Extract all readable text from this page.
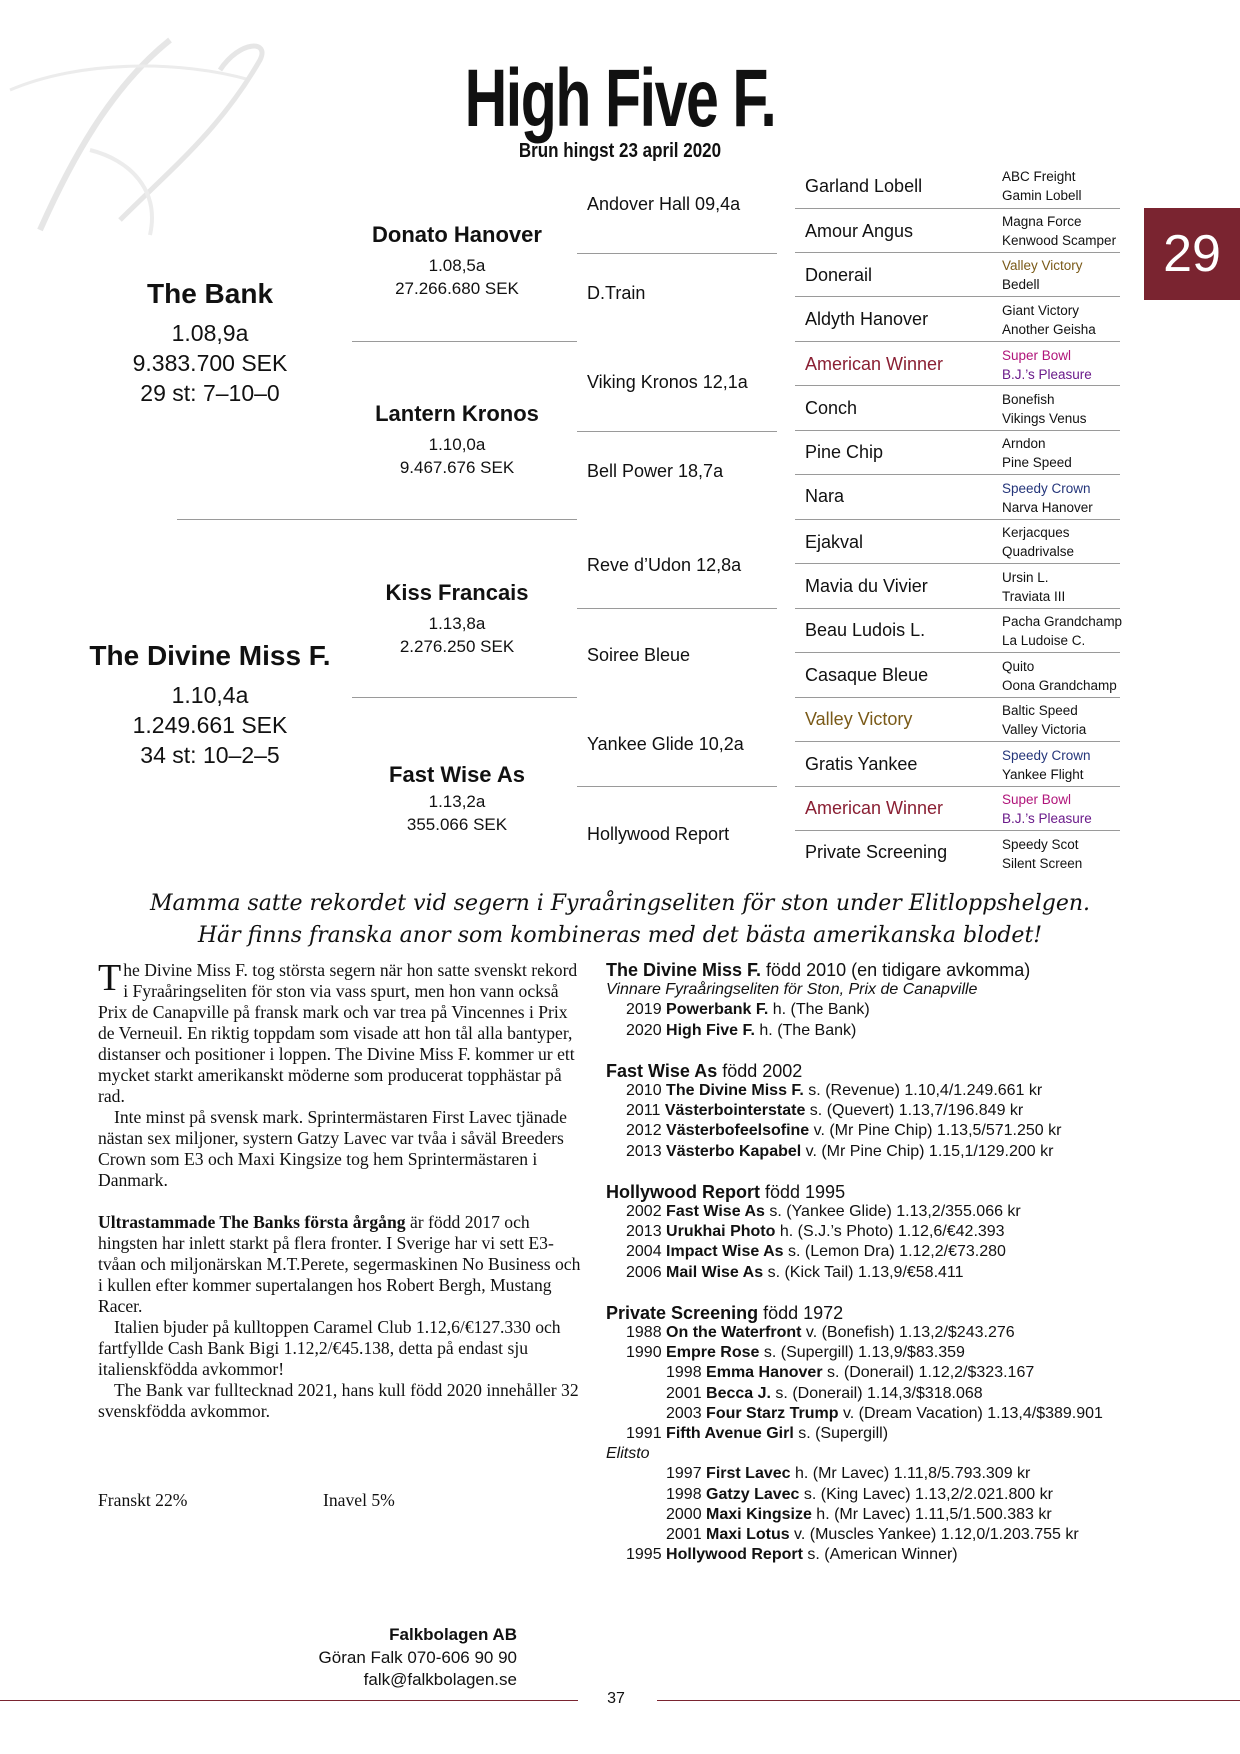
High Five F.
Brun hingst 23 april 2020
29
The Bank
1.08,9a
9.383.700 SEK
29 st: 7–10–0
The Divine Miss F.
1.10,4a
1.249.661 SEK
34 st: 10–2–5
Donato Hanover
1.08,5a
27.266.680 SEK
Lantern Kronos
1.10,0a
9.467.676 SEK
Kiss Francais
1.13,8a
2.276.250 SEK
Fast Wise As
1.13,2a
355.066 SEK
Andover Hall 09,4a
D.Train
Viking Kronos 12,1a
Bell Power 18,7a
Reve d’Udon 12,8a
Soiree Bleue
Yankee Glide 10,2a
Hollywood Report
Garland Lobell
Amour Angus
Donerail
Aldyth Hanover
American Winner
Conch
Pine Chip
Nara
Ejakval
Mavia du Vivier
Beau Ludois L.
Casaque Bleue
Valley Victory
Gratis Yankee
American Winner
Private Screening
ABC Freight
Gamin Lobell
Magna Force
Kenwood Scamper
Valley Victory
Bedell
Giant Victory
Another Geisha
Super Bowl
B.J.’s Pleasure
Bonefish
Vikings Venus
Arndon
Pine Speed
Speedy Crown
Narva Hanover
Kerjacques
Quadrivalse
Ursin L.
Traviata III
Pacha Grandchamp
La Ludoise C.
Quito
Oona Grandchamp
Baltic Speed
Valley Victoria
Speedy Crown
Yankee Flight
Super Bowl
B.J.’s Pleasure
Speedy Scot
Silent Screen
Mamma satte rekordet vid segern i Fyraåringseliten för ston under Elitloppshelgen.
Här finns franska anor som kombineras med det bästa amerikanska blodet!

The Divine Miss F. tog största segern när hon satte svenskt rekord i Fyraåringseliten för ston via vass spurt, men hon vann också Prix de Canapville på fransk mark och var trea på Vincennes i Prix de Verneuil. En riktig toppdam som visade att hon tål alla bantyper, distanser och positioner i loppen. The Divine Miss F. kommer ur ett mycket starkt amerikanskt möderne som producerat topphästar på rad.

Inte minst på svensk mark. Sprintermästaren First Lavec tjänade nästan sex miljoner, systern Gatzy Lavec var tvåa i såväl Breeders Crown som E3 och Maxi Kingsize tog hem Sprintermästaren i Danmark.

Ultrastammade The Banks första årgång är född 2017 och hingsten har inlett starkt på flera fronter. I Sverige har vi sett E3-tvåan och miljonärskan M.T.Perete, segermaskinen No Business och i kullen efter kommer supertalangen hos Robert Bergh, Mustang Racer.

Italien bjuder på kulltoppen Caramel Club 1.12,6/€127.330 och fartfyllde Cash Bank Bigi 1.12,2/€45.138, detta på endast sju italienskfödda avkommor!

The Bank var fulltecknad 2021, hans kull född 2020 innehåller 32 svenskfödda avkommor.

Franskt 22%	Inavel 5%
The Divine Miss F. född 2010 (en tidigare avkomma)
Vinnare Fyraåringseliten för Ston, Prix de Canapville
2019 Powerbank F. h. (The Bank)
2020 High Five F. h. (The Bank)
Fast Wise As född 2002
2010 The Divine Miss F. s. (Revenue) 1.10,4/1.249.661 kr
2011 Västerbointerstate s. (Quevert) 1.13,7/196.849 kr
2012 Västerbofeelsofine v. (Mr Pine Chip) 1.13,5/571.250 kr
2013 Västerbo Kapabel v. (Mr Pine Chip) 1.15,1/129.200 kr
Hollywood Report född 1995
2002 Fast Wise As s. (Yankee Glide) 1.13,2/355.066 kr
2013 Urukhai Photo h. (S.J.’s Photo) 1.12,6/€42.393
2004 Impact Wise As s. (Lemon Dra) 1.12,2/€73.280
2006 Mail Wise As s. (Kick Tail) 1.13,9/€58.411
Private Screening född 1972
1988 On the Waterfront v. (Bonefish) 1.13,2/$243.276
1990 Empre Rose s. (Supergill) 1.13,9/$83.359
1998 Emma Hanover s. (Donerail) 1.12,2/$323.167
2001 Becca J. s. (Donerail) 1.14,3/$318.068
2003 Four Starz Trump v. (Dream Vacation) 1.13,4/$389.901
1991 Fifth Avenue Girl s. (Supergill)
Elitsto
1997 First Lavec h. (Mr Lavec) 1.11,8/5.793.309 kr
1998 Gatzy Lavec s. (King Lavec) 1.13,2/2.021.800 kr
2000 Maxi Kingsize h. (Mr Lavec) 1.11,5/1.500.383 kr
2001 Maxi Lotus v. (Muscles Yankee) 1.12,0/1.203.755 kr
1995 Hollywood Report s. (American Winner)
Falkbolagen AB
Göran Falk 070-606 90 90
falk@falkbolagen.se
37
